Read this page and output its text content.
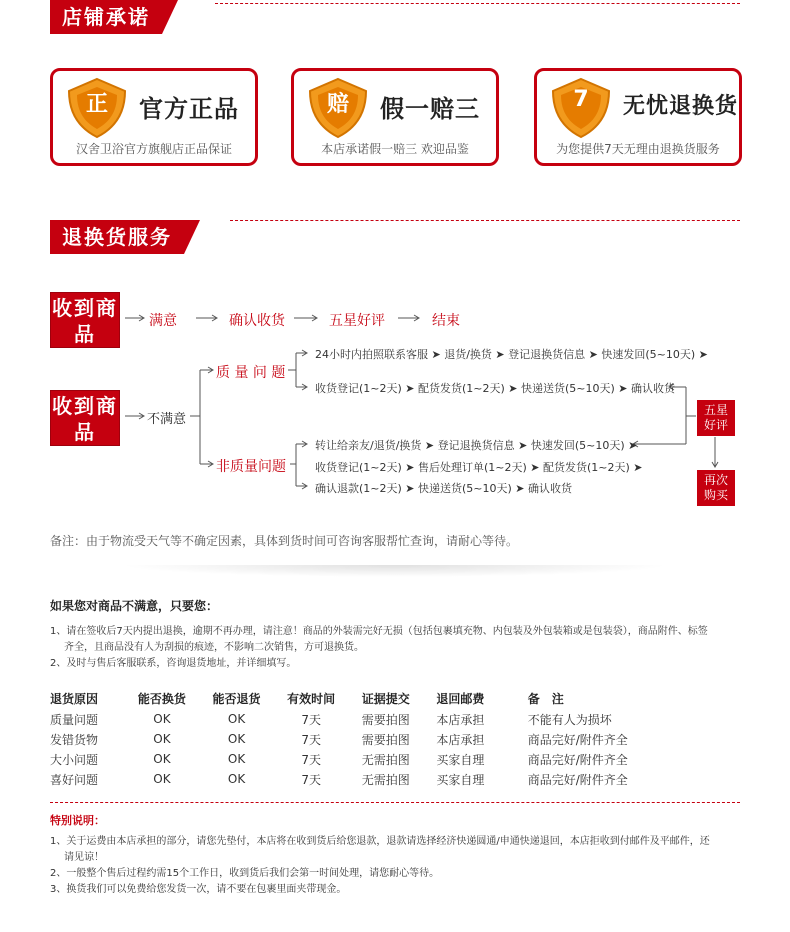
店铺承诺
正	官方正品
汉舍卫浴官方旗舰店正品保证
赔	假一赔三
本店承诺假一赔三 欢迎品鉴
7	无忧退换货
为您提供7天无理由退换货服务
退换货服务
收到商品
满意	确认收货	五星好评	结束
收到商品
不满意
质 量 问 题
非质量问题
24小时内拍照联系客服 ➤ 退货/换货 ➤ 登记退换货信息 ➤ 快速发回(5~10天) ➤
收货登记(1~2天) ➤ 配货发货(1~2天) ➤ 快递送货(5~10天) ➤ 确认收货
转让给亲友/退货/换货 ➤ 登记退换货信息 ➤ 快速发回(5~10天) ➤
收货登记(1~2天) ➤ 售后处理订单(1~2天) ➤ 配货发货(1~2天) ➤
确认退款(1~2天) ➤ 快递送货(5~10天) ➤ 确认收货
五星 好评
再次 购买
备注：由于物流受天气等不确定因素，具体到货时间可咨询客服帮忙查询，请耐心等待。
如果您对商品不满意，只要您：
1、请在签收后7天内提出退换，逾期不再办理，请注意！商品的外装需完好无损（包括包裹填充物、内包装及外包装箱或是包装袋），商品附件、标签
齐全，且商品没有人为刮损的痕迹，不影响二次销售，方可退换货。
2、及时与售后客服联系，咨询退货地址，并详细填写。
退货原因	能否换货	能否退货	有效时间	证据提交	退回邮费	备　注
质量问题	OK	OK	7天	需要拍图	本店承担	不能有人为损坏
发错货物	OK	OK	7天	需要拍图	本店承担	商品完好/附件齐全
大小问题	OK	OK	7天	无需拍图	买家自理	商品完好/附件齐全
喜好问题	OK	OK	7天	无需拍图	买家自理	商品完好/附件齐全
特别说明：
1、关于运费由本店承担的部分，请您先垫付，本店将在收到货后给您退款，退款请选择经济快递圆通/申通快递退回，本店拒收到付邮件及平邮件，还
请见谅！
2、一般整个售后过程约需15个工作日，收到货后我们会第一时间处理，请您耐心等待。
3、换货我们可以免费给您发货一次，请不要在包裹里面夹带现金。
